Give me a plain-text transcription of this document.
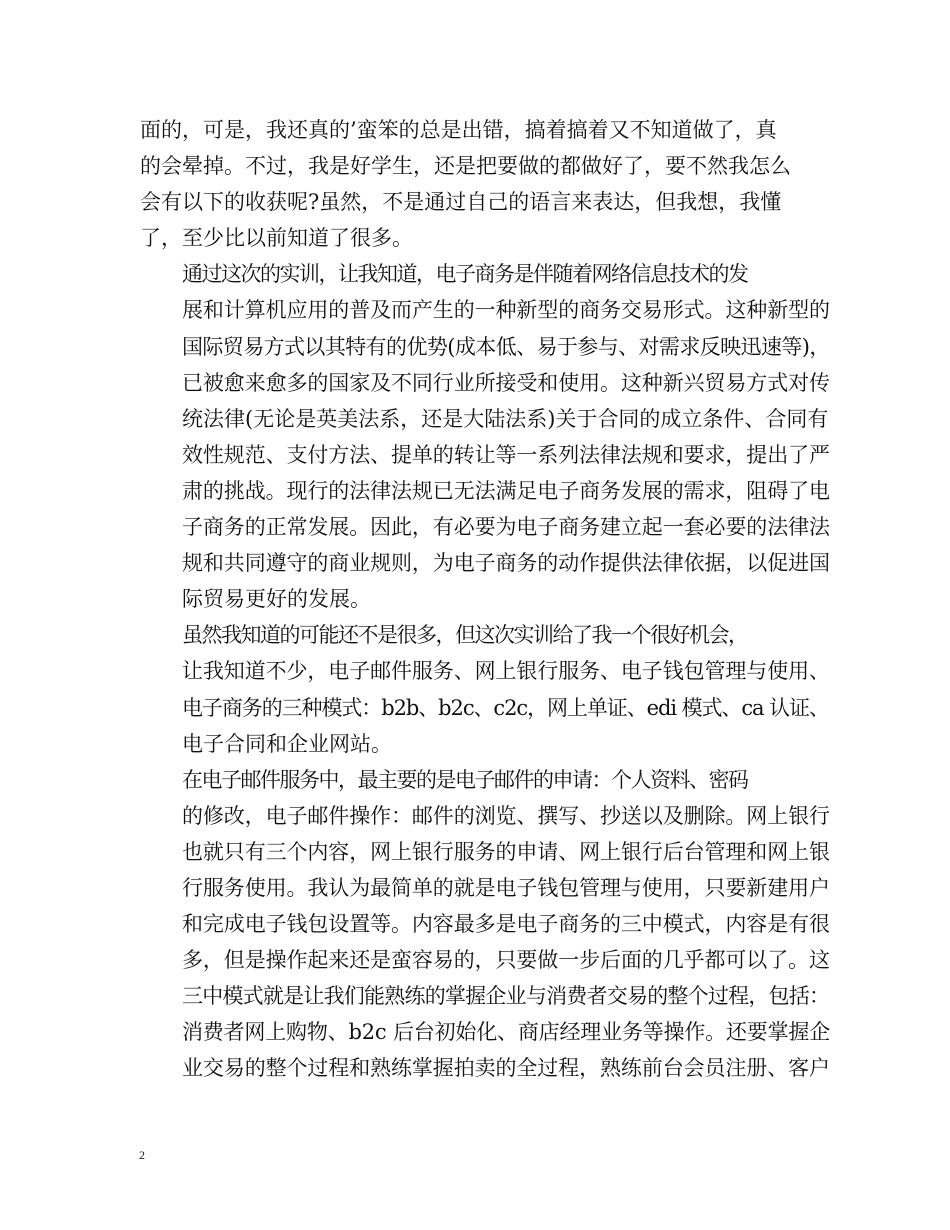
面的，可是，我还真的’蛮笨的总是出错，搞着搞着又不知道做了，真
的会晕掉。不过，我是好学生，还是把要做的都做好了，要不然我怎么
会有以下的收获呢?虽然，不是通过自己的语言来表达，但我想，我懂
了，至少比以前知道了很多。

通过这次的实训，让我知道，电子商务是伴随着网络信息技术的发
展和计算机应用的普及而产生的一种新型的商务交易形式。这种新型的
国际贸易方式以其特有的优势(成本低、易于参与、对需求反映迅速等)，
已被愈来愈多的国家及不同行业所接受和使用。这种新兴贸易方式对传
统法律(无论是英美法系，还是大陆法系)关于合同的成立条件、合同有
效性规范、支付方法、提单的转让等一系列法律法规和要求，提出了严
肃的挑战。现行的法律法规已无法满足电子商务发展的需求，阻碍了电
子商务的正常发展。因此，有必要为电子商务建立起一套必要的法律法
规和共同遵守的商业规则，为电子商务的动作提供法律依据，以促进国
际贸易更好的发展。

虽然我知道的可能还不是很多，但这次实训给了我一个很好机会，
让我知道不少，电子邮件服务、网上银行服务、电子钱包管理与使用、
电子商务的三种模式：b2b、b2c、c2c，网上单证、edi 模式、ca 认证、
电子合同和企业网站。

在电子邮件服务中，最主要的是电子邮件的申请：个人资料、密码
的修改，电子邮件操作：邮件的浏览、撰写、抄送以及删除。网上银行
也就只有三个内容，网上银行服务的申请、网上银行后台管理和网上银
行服务使用。我认为最简单的就是电子钱包管理与使用，只要新建用户
和完成电子钱包设置等。内容最多是电子商务的三中模式，内容是有很
多，但是操作起来还是蛮容易的，只要做一步后面的几乎都可以了。这
三中模式就是让我们能熟练的掌握企业与消费者交易的整个过程，包括：
消费者网上购物、b2c 后台初始化、商店经理业务等操作。还要掌握企
业交易的整个过程和熟练掌握拍卖的全过程，熟练前台会员注册、客户

2
